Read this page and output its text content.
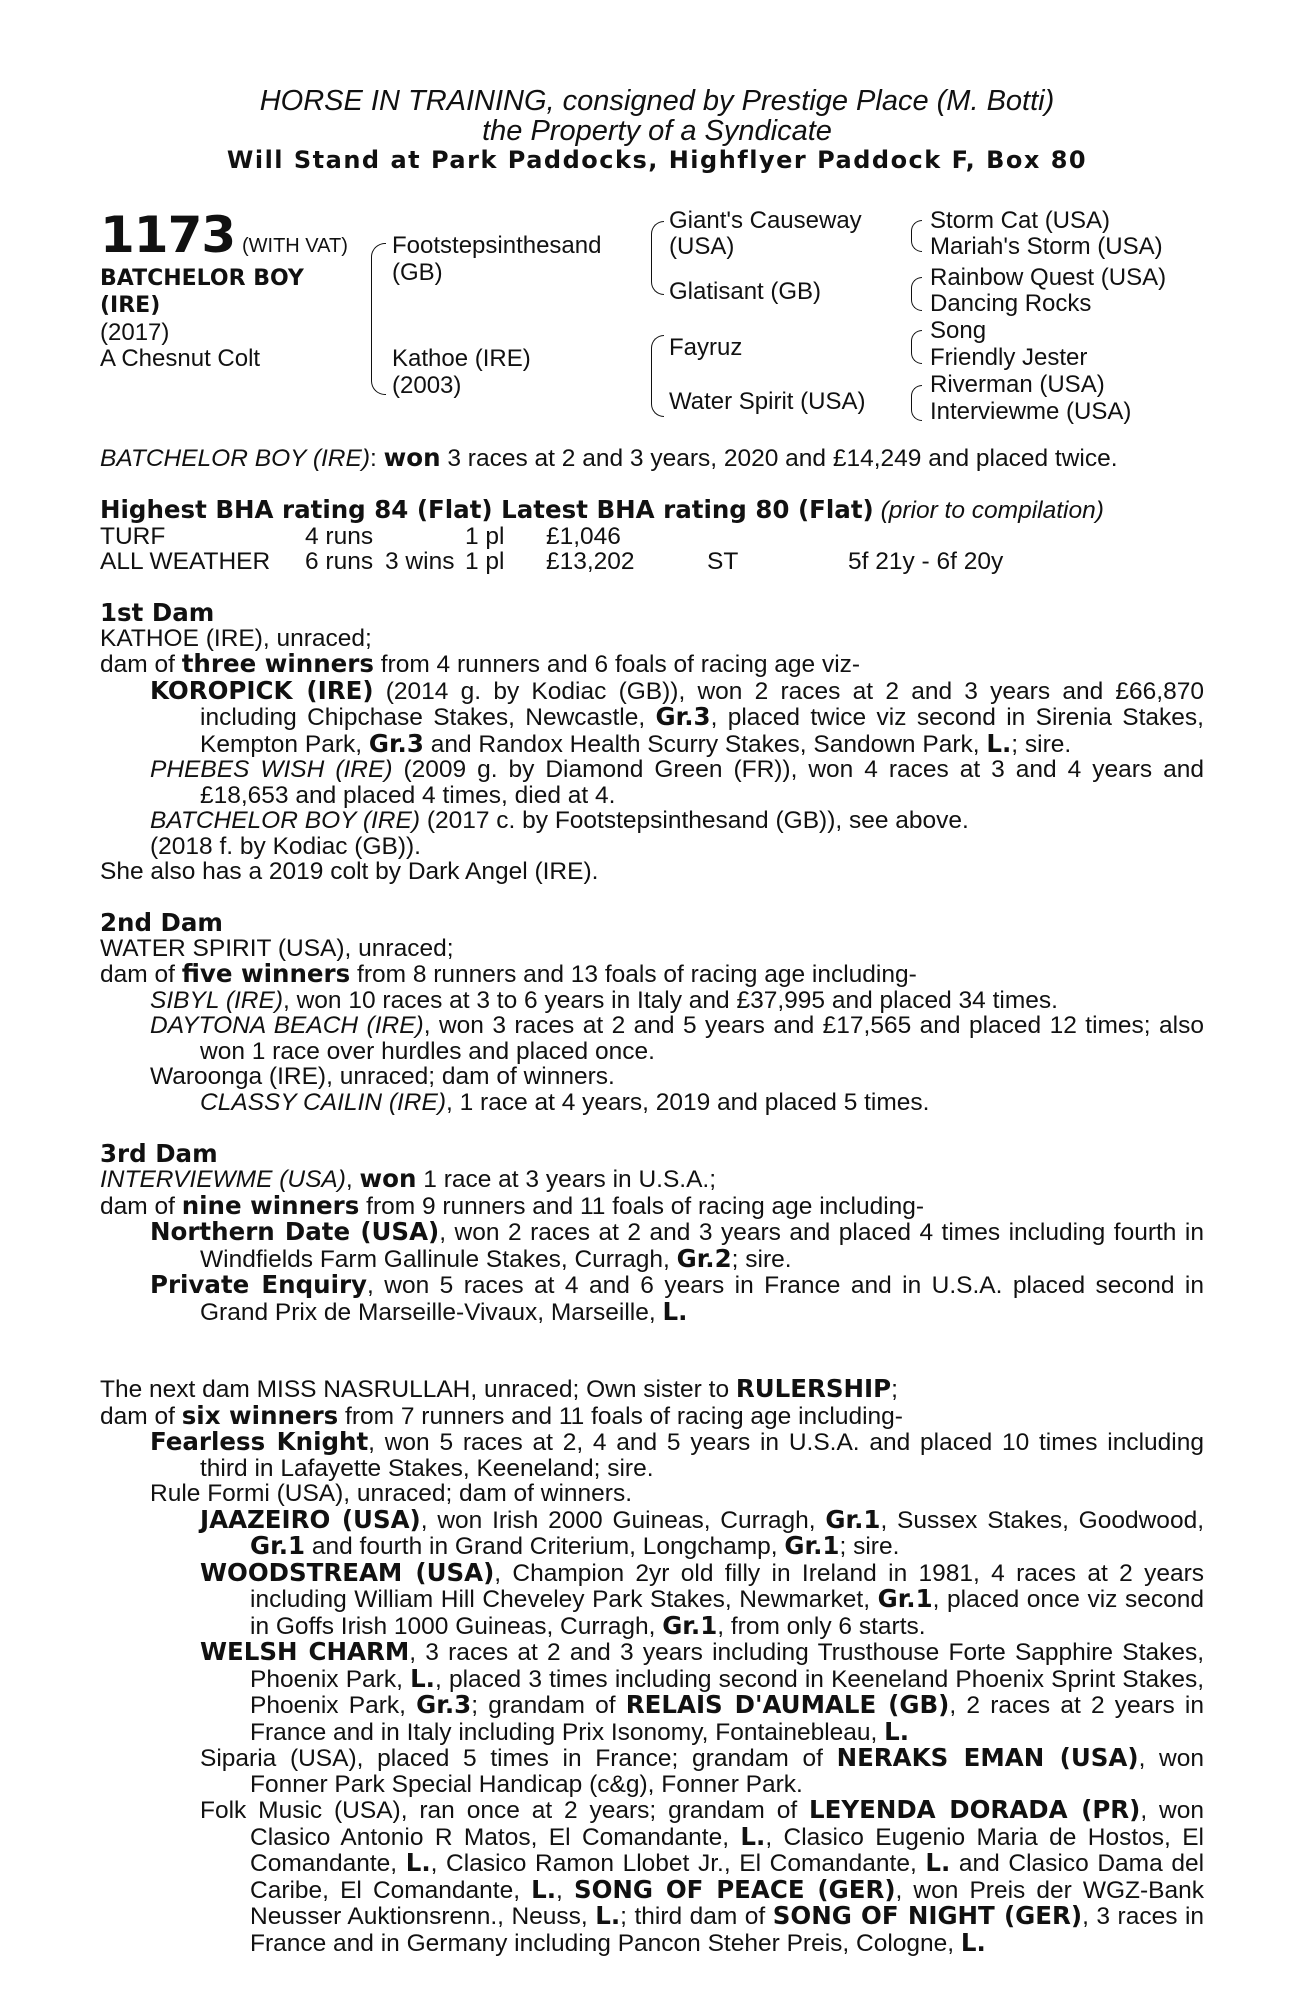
HORSE IN TRAINING, consigned by Prestige Place (M. Botti)
the Property of a Syndicate
Will Stand at Park Paddocks, Highflyer Paddock F, Box 80
1173 (WITH VAT)
BATCHELOR BOY
(IRE)
(2017)
A Chesnut Colt
Footstepsinthesand
(GB)
Kathoe (IRE)
(2003)
Giant's Causeway
(USA)
Glatisant (GB)
Fayruz
Water Spirit (USA)
Storm Cat (USA)
Mariah's Storm (USA)
Rainbow Quest (USA)
Dancing Rocks
Song
Friendly Jester
Riverman (USA)
Interviewme (USA)

BATCHELOR BOY (IRE): won 3 races at 2 and 3 years, 2020 and £14,249 and placed twice.

Highest BHA rating 84 (Flat) Latest BHA rating 80 (Flat) (prior to compilation)

TURF	4 runs	1 pl £1,046
ALL WEATHER 6 runs 3 wins 1 pl £13,202	ST	5f 21y - 6f 20y

1st Dam

KATHOE (IRE), unraced;

dam of three winners from 4 runners and 6 foals of racing age viz-

KOROPICK (IRE) (2014 g. by Kodiac (GB)), won 2 races at 2 and 3 years and £66,870 including Chipchase Stakes, Newcastle, Gr.3, placed twice viz second in Sirenia Stakes, Kempton Park, Gr.3 and Randox Health Scurry Stakes, Sandown Park, L.; sire.

PHEBES WISH (IRE) (2009 g. by Diamond Green (FR)), won 4 races at 3 and 4 years and £18,653 and placed 4 times, died at 4.

BATCHELOR BOY (IRE) (2017 c. by Footstepsinthesand (GB)), see above.

(2018 f. by Kodiac (GB)).

She also has a 2019 colt by Dark Angel (IRE).

2nd Dam

WATER SPIRIT (USA), unraced;

dam of five winners from 8 runners and 13 foals of racing age including-

SIBYL (IRE), won 10 races at 3 to 6 years in Italy and £37,995 and placed 34 times.

DAYTONA BEACH (IRE), won 3 races at 2 and 5 years and £17,565 and placed 12 times; also won 1 race over hurdles and placed once.

Waroonga (IRE), unraced; dam of winners.

CLASSY CAILIN (IRE), 1 race at 4 years, 2019 and placed 5 times.

3rd Dam

INTERVIEWME (USA), won 1 race at 3 years in U.S.A.;

dam of nine winners from 9 runners and 11 foals of racing age including-

Northern Date (USA), won 2 races at 2 and 3 years and placed 4 times including fourth in Windfields Farm Gallinule Stakes, Curragh, Gr.2; sire.

Private Enquiry, won 5 races at 4 and 6 years in France and in U.S.A. placed second in Grand Prix de Marseille-Vivaux, Marseille, L.

The next dam MISS NASRULLAH, unraced; Own sister to RULERSHIP;

dam of six winners from 7 runners and 11 foals of racing age including-

Fearless Knight, won 5 races at 2, 4 and 5 years in U.S.A. and placed 10 times including third in Lafayette Stakes, Keeneland; sire.

Rule Formi (USA), unraced; dam of winners.

JAAZEIRO (USA), won Irish 2000 Guineas, Curragh, Gr.1, Sussex Stakes, Goodwood, Gr.1 and fourth in Grand Criterium, Longchamp, Gr.1; sire.

WOODSTREAM (USA), Champion 2yr old filly in Ireland in 1981, 4 races at 2 years including William Hill Cheveley Park Stakes, Newmarket, Gr.1, placed once viz second in Goffs Irish 1000 Guineas, Curragh, Gr.1, from only 6 starts.

WELSH CHARM, 3 races at 2 and 3 years including Trusthouse Forte Sapphire Stakes, Phoenix Park, L., placed 3 times including second in Keeneland Phoenix Sprint Stakes, Phoenix Park, Gr.3; grandam of RELAIS D'AUMALE (GB), 2 races at 2 years in France and in Italy including Prix Isonomy, Fontainebleau, L.

Siparia (USA), placed 5 times in France; grandam of NERAKS EMAN (USA), won Fonner Park Special Handicap (c&g), Fonner Park.

Folk Music (USA), ran once at 2 years; grandam of LEYENDA DORADA (PR), won Clasico Antonio R Matos, El Comandante, L., Clasico Eugenio Maria de Hostos, El Comandante, L., Clasico Ramon Llobet Jr., El Comandante, L. and Clasico Dama del Caribe, El Comandante, L., SONG OF PEACE (GER), won Preis der WGZ-Bank Neusser Auktionsrenn., Neuss, L.; third dam of SONG OF NIGHT (GER), 3 races in France and in Germany including Pancon Steher Preis, Cologne, L.
